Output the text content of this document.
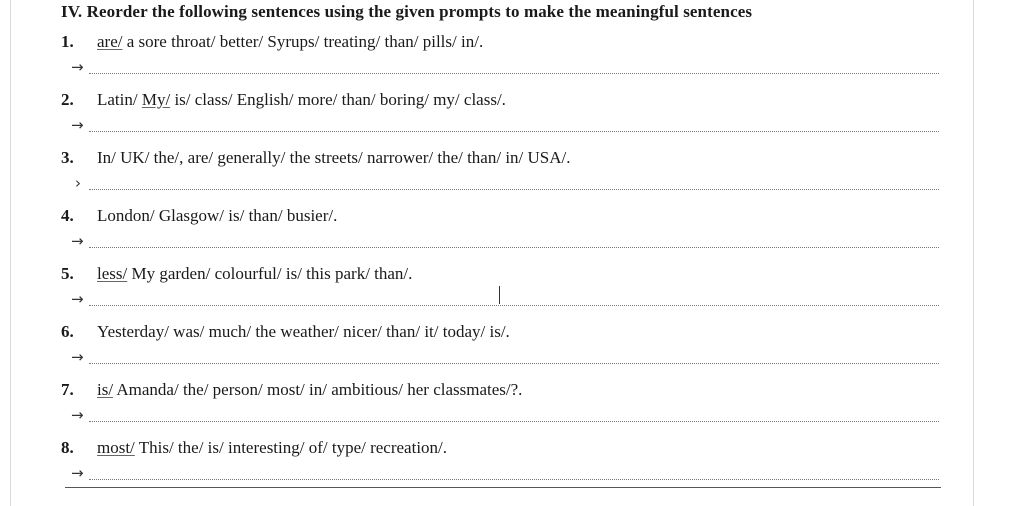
IV. Reorder the following sentences using the given prompts to make the meaningful sentences
1. are/ a sore throat/ better/ Syrups/ treating/ than/ pills/ in/.
→
2. Latin/ My/ is/ class/ English/ more/ than/ boring/ my/ class/.
→
3. In/ UK/ the/, are/ generally/ the streets/ narrower/ the/ than/ in/ USA/.
›
4. London/ Glasgow/ is/ than/ busier/.
→
5. less/ My garden/ colourful/ is/ this park/ than/.
→
6. Yesterday/ was/ much/ the weather/ nicer/ than/ it/ today/ is/.
→
7. is/ Amanda/ the/ person/ most/ in/ ambitious/ her classmates/?.
→
8. most/ This/ the/ is/ interesting/ of/ type/ recreation/.
→
